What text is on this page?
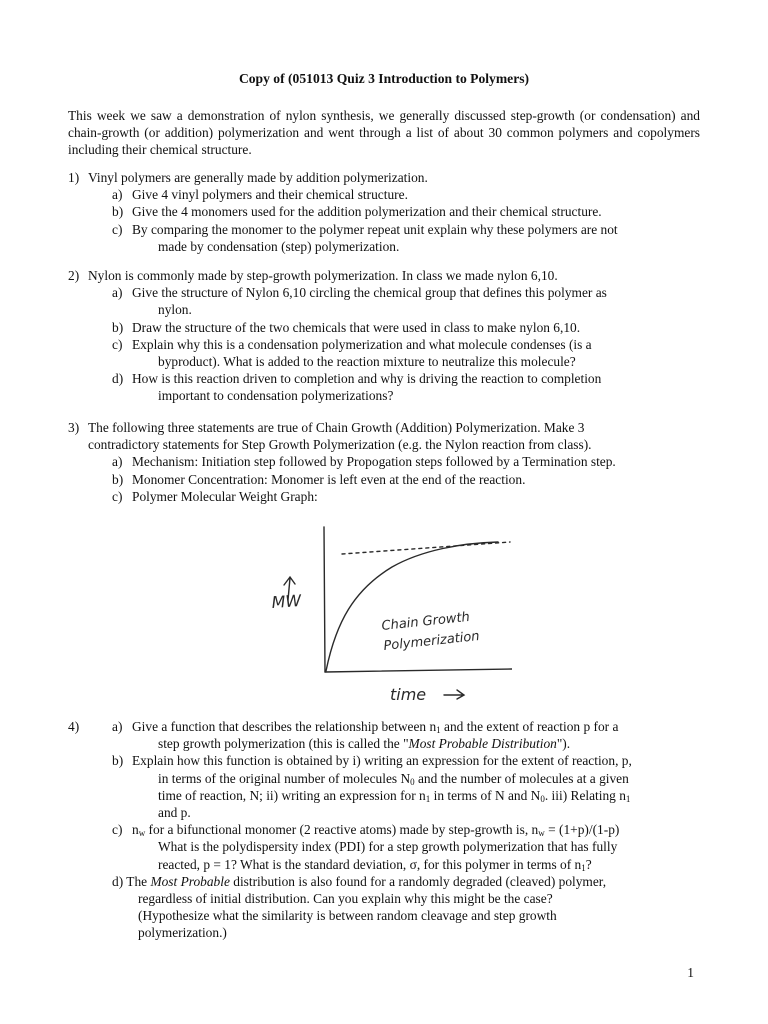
Copy of (051013 Quiz 3 Introduction to Polymers)
This week we saw a demonstration of nylon synthesis, we generally discussed step-growth (or condensation) and chain-growth (or addition) polymerization and went through a list of about 30 common polymers and copolymers including their chemical structure.
1) Vinyl polymers are generally made by addition polymerization.
a) Give 4 vinyl polymers and their chemical structure.
b) Give the 4 monomers used for the addition polymerization and their chemical structure.
c) By comparing the monomer to the polymer repeat unit explain why these polymers are not
made by condensation (step) polymerization.
2) Nylon is commonly made by step-growth polymerization. In class we made nylon 6,10.
a) Give the structure of Nylon 6,10 circling the chemical group that defines this polymer as
nylon.
b) Draw the structure of the two chemicals that were used in class to make nylon 6,10.
c) Explain why this is a condensation polymerization and what molecule condenses (is a
byproduct). What is added to the reaction mixture to neutralize this molecule?
d) How is this reaction driven to completion and why is driving the reaction to completion
important to condensation polymerizations?
3) The following three statements are true of Chain Growth (Addition) Polymerization. Make 3
contradictory statements for Step Growth Polymerization (e.g. the Nylon reaction from class).
a) Mechanism: Initiation step followed by Propogation steps followed by a Termination step.
b) Monomer Concentration: Monomer is left even at the end of the reaction.
c) Polymer Molecular Weight Graph:
MW
time
Chain Growth
Polymerization
4)	a) Give a function that describes the relationship between $n_1$ and the extent of reaction p for a
step growth polymerization (this is called the "Most Probable Distribution").
b) Explain how this function is obtained by i) writing an expression for the extent of reaction, p,
in terms of the original number of molecules $N_0$ and the number of molecules at a given
time of reaction, N; ii) writing an expression for $n_1$ in terms of N and $N_0$. iii) Relating $n_1$
and p.
c) $n_w$ for a bifunctional monomer (2 reactive atoms) made by step-growth is, $n_w = (1+p)/(1-p)$
What is the polydispersity index (PDI) for a step growth polymerization that has fully
reacted, p = 1? What is the standard deviation, σ, for this polymer in terms of $n_1$?
d) The Most Probable distribution is also found for a randomly degraded (cleaved) polymer,
regardless of initial distribution. Can you explain why this might be the case?
(Hypothesize what the similarity is between random cleavage and step growth
polymerization.)
1
